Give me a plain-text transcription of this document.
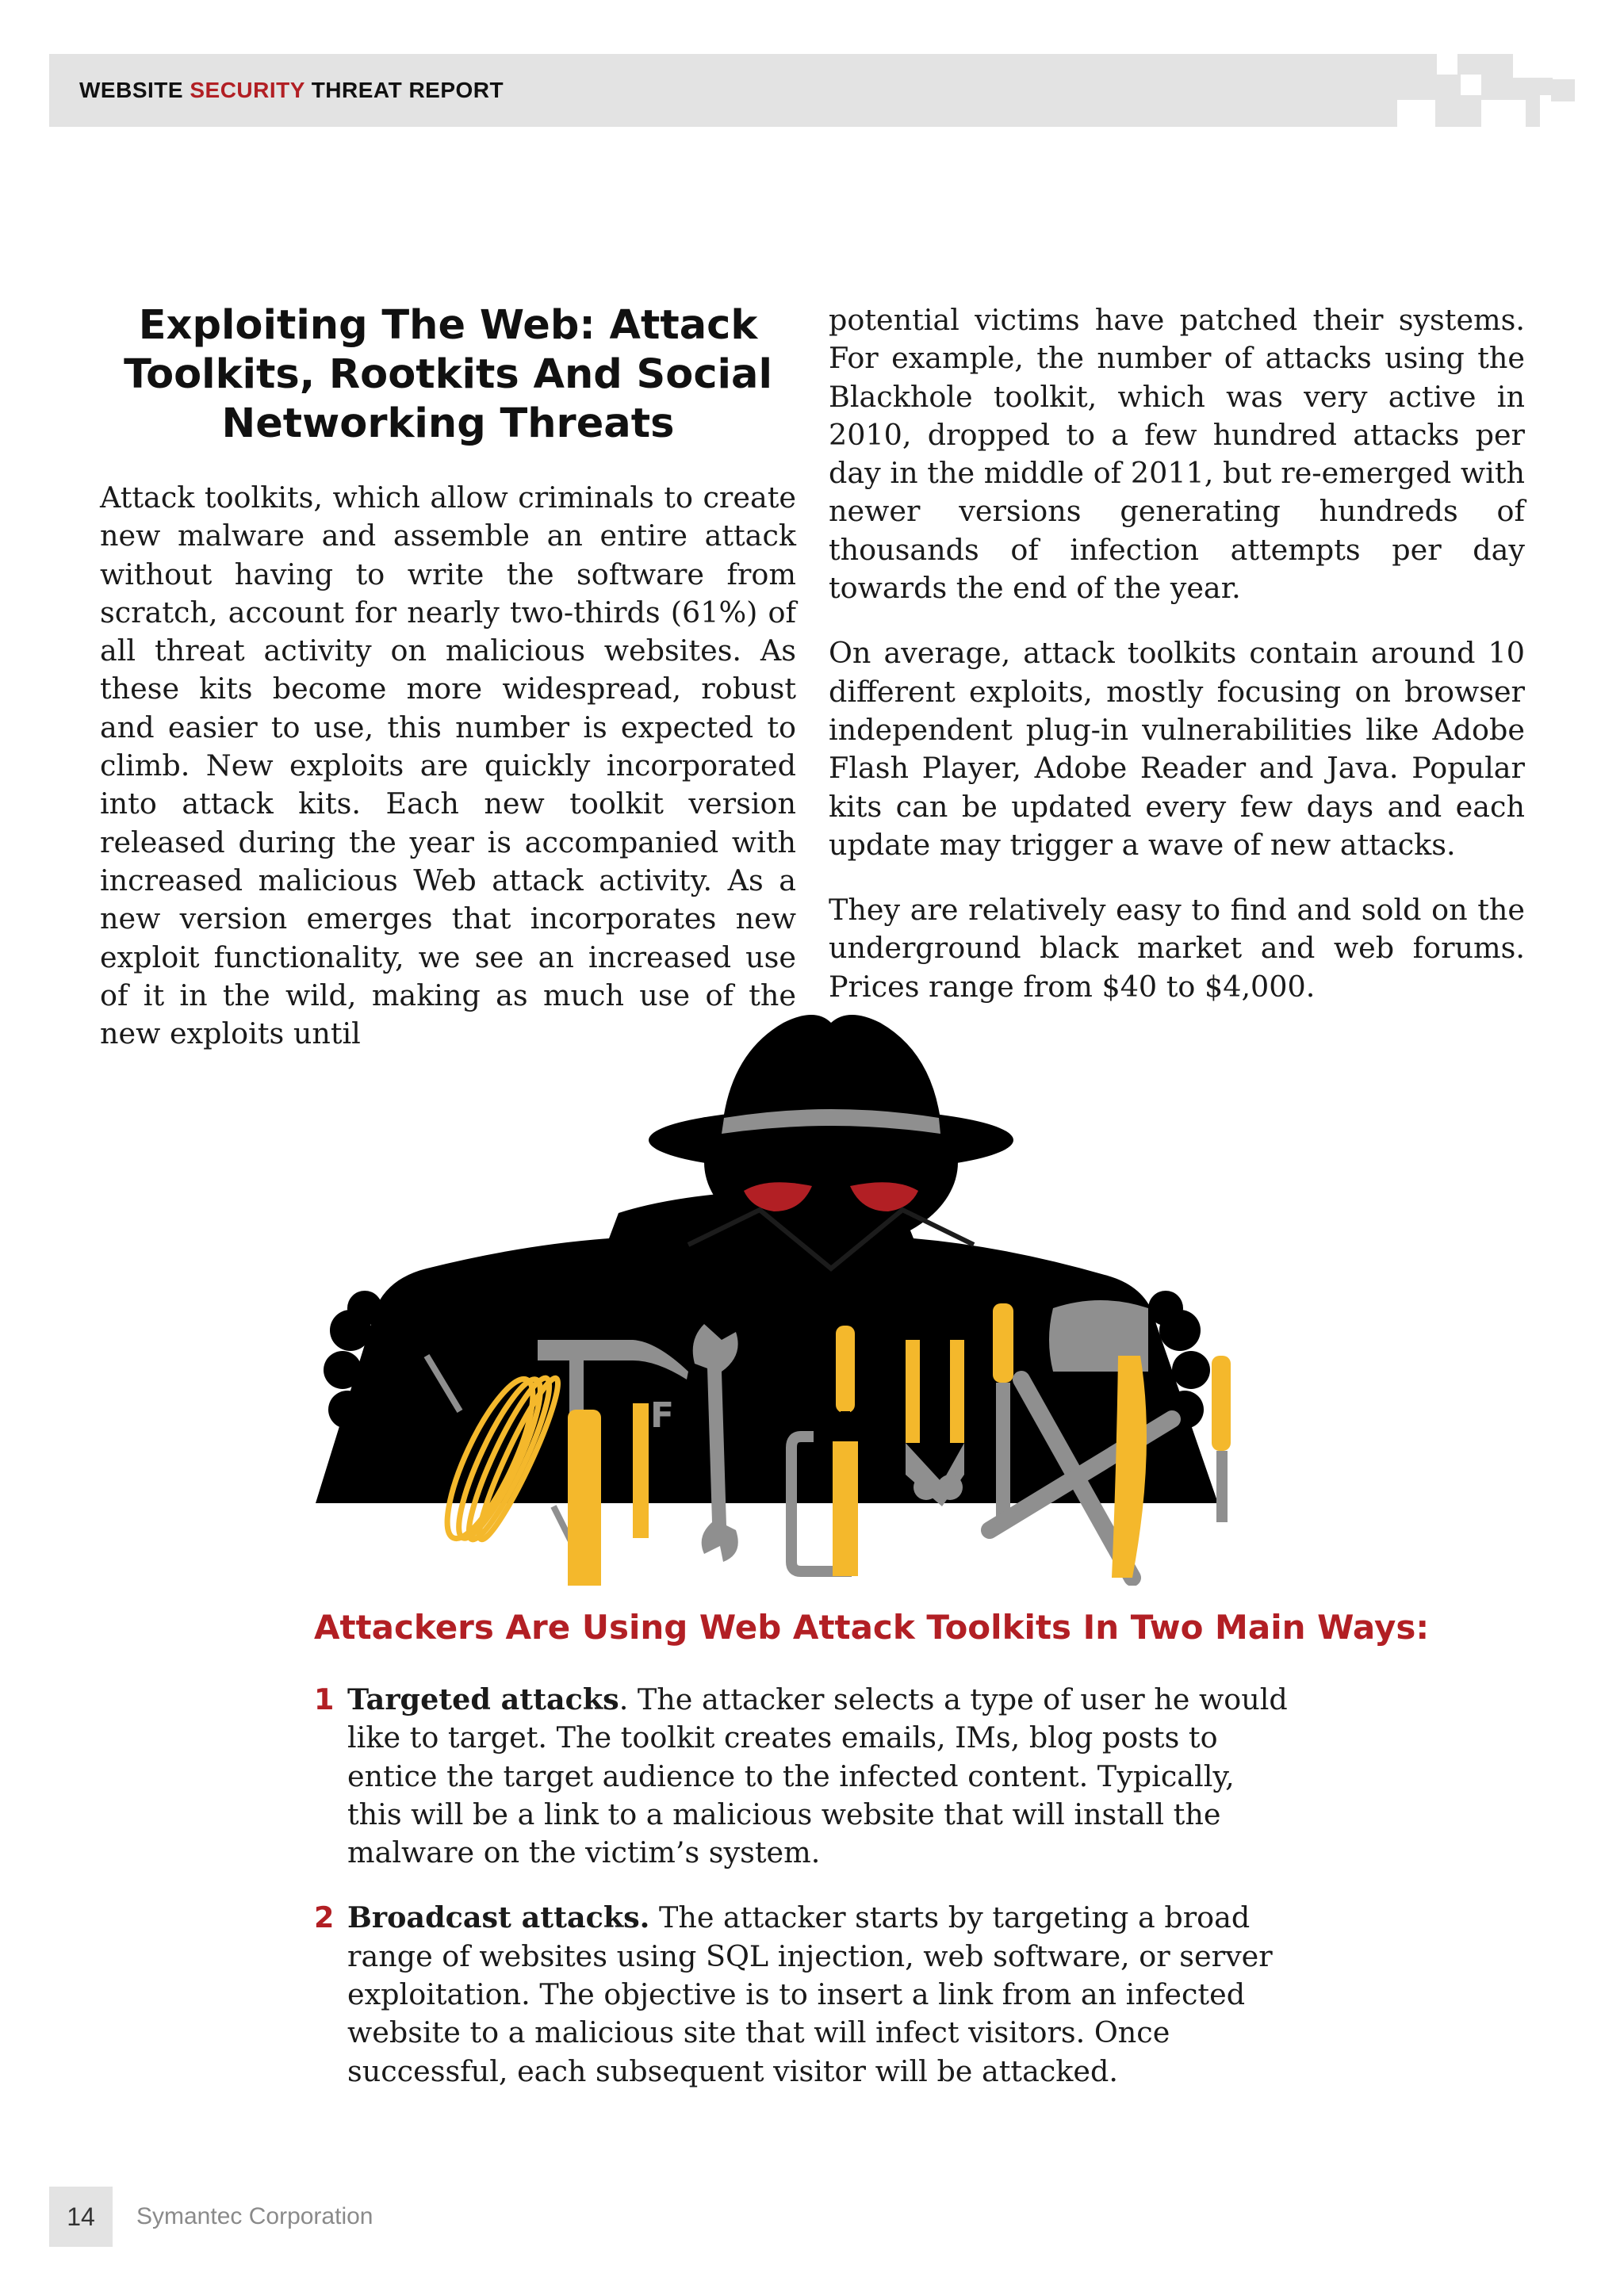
WEBSITE SECURITY THREAT REPORT
Exploiting The Web: Attack Toolkits, Rootkits And Social Networking Threats

Attack toolkits, which allow criminals to create new malware and assemble an entire attack without having to write the software from scratch, account for nearly two-thirds (61%) of all threat activity on malicious websites. As these kits become more widespread, robust and easier to use, this number is expected to climb. New exploits are quickly incorporated into attack kits. Each new toolkit version released during the year is accompanied with increased malicious Web attack activity. As a new version emerges that incorporates new exploit functionality, we see an increased use of it in the wild, making as much use of the new exploits until

potential victims have patched their systems. For example, the number of attacks using the Blackhole toolkit, which was very active in 2010, dropped to a few hundred attacks per day in the middle of 2011, but re-emerged with newer versions generating hundreds of thousands of infection attempts per day towards the end of the year.

On average, attack toolkits contain around 10 different exploits, mostly focusing on browser independent plug-in vulnerabilities like Adobe Flash Player, Adobe Reader and Java. Popular kits can be updated every few days and each update may trigger a wave of new attacks.

They are relatively easy to find and sold on the underground black market and web forums. Prices range from $40 to $4,000.

F
Attackers Are Using Web Attack Toolkits In Two Main Ways:
1 Targeted attacks. The attacker selects a type of user he would like to target. The toolkit creates emails, IMs, blog posts to entice the target audience to the infected content. Typically, this will be a link to a malicious website that will install the malware on the victim’s system.
2 Broadcast attacks. The attacker starts by targeting a broad range of websites using SQL injection, web software, or server exploitation. The objective is to insert a link from an infected website to a malicious site that will infect visitors. Once successful, each subsequent visitor will be attacked.
14	Symantec Corporation
